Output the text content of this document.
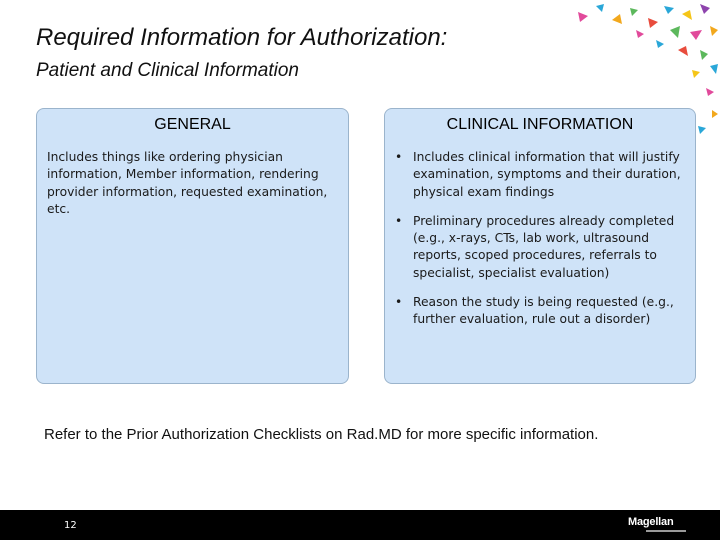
Required Information for Authorization:
Patient and Clinical Information
GENERAL
Includes things like ordering physician information, Member information, rendering provider information, requested examination, etc.
CLINICAL INFORMATION
• Includes clinical information that will justify examination, symptoms and their duration, physical exam findings
• Preliminary procedures already completed (e.g., x-rays, CTs, lab work, ultrasound reports, scoped procedures, referrals to specialist, specialist evaluation)
• Reason the study is being requested (e.g., further evaluation, rule out a disorder)
Refer to the Prior Authorization Checklists on Rad.MD for more specific information.
12	Magellan
